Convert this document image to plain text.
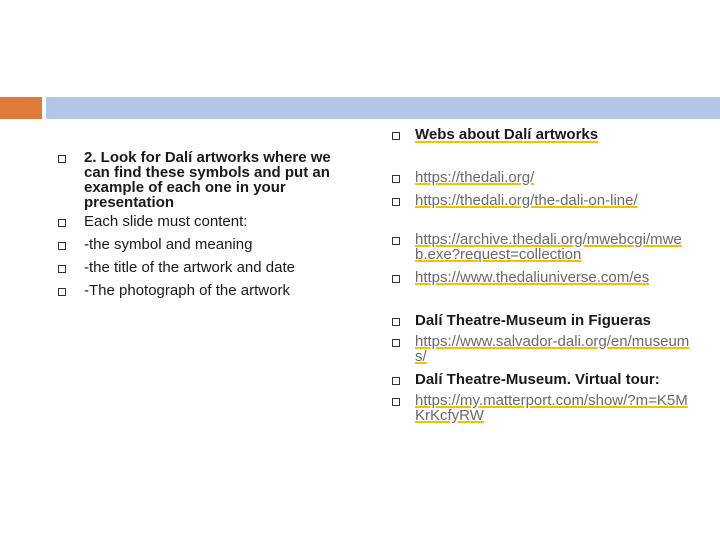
2. Look for Dalí artworks where we can find these symbols and put an example of each one in your presentation
Each slide must content:
-the symbol and meaning
-the title of the artwork and date
-The photograph of the artwork
Webs about Dalí artworks
https://thedali.org/
https://thedali.org/the-dali-on-line/
https://archive.thedali.org/mwebcgi/mweb.exe?request=collection
https://www.thedaliuniverse.com/es
Dalí Theatre-Museum in Figueras
https://www.salvador-dali.org/en/museums/
Dalí Theatre-Museum. Virtual tour:
https://my.matterport.com/show/?m=K5MKrKcfyRW
